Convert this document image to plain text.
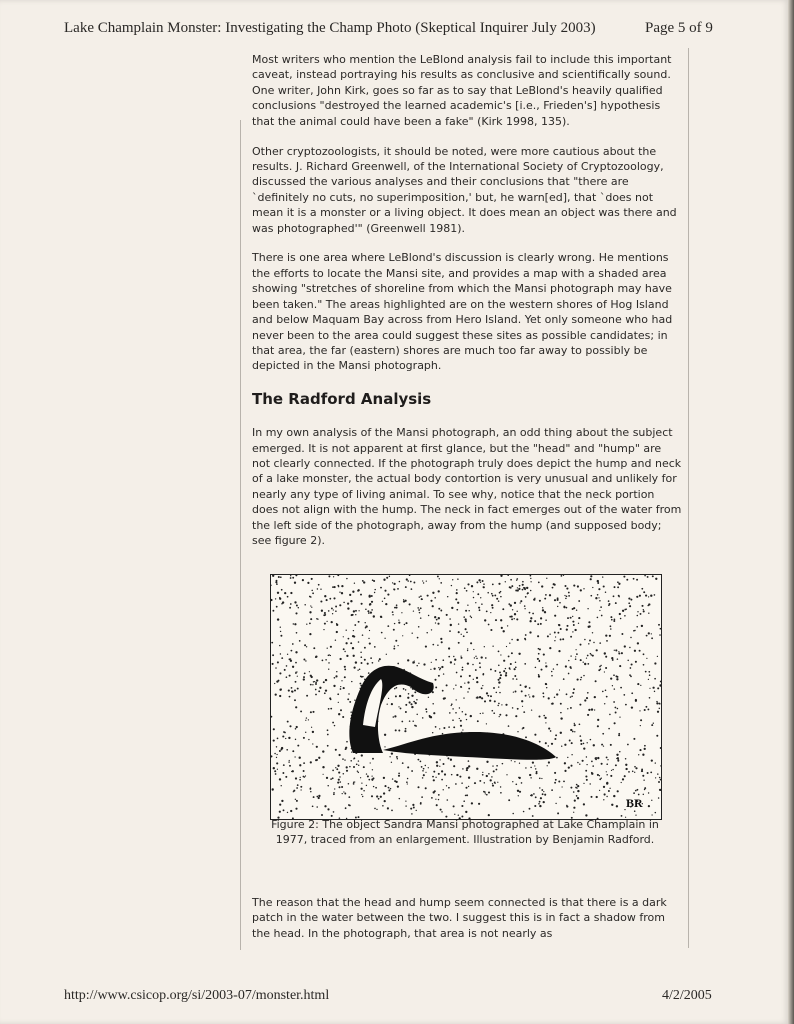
Lake Champlain Monster: Investigating the Champ Photo (Skeptical Inquirer July 2003)	Page 5 of 9

Most writers who mention the LeBlond analysis fail to include this important caveat, instead portraying his results as conclusive and scientifically sound. One writer, John Kirk, goes so far as to say that LeBlond's heavily qualified conclusions "destroyed the learned academic's [i.e., Frieden's] hypothesis that the animal could have been a fake" (Kirk 1998, 135).

Other cryptozoologists, it should be noted, were more cautious about the results. J. Richard Greenwell, of the International Society of Cryptozoology, discussed the various analyses and their conclusions that "there are `definitely no cuts, no superimposition,' but, he warn[ed], that `does not mean it is a monster or a living object. It does mean an object was there and was photographed'" (Greenwell 1981).

There is one area where LeBlond's discussion is clearly wrong. He mentions the efforts to locate the Mansi site, and provides a map with a shaded area showing "stretches of shoreline from which the Mansi photograph may have been taken." The areas highlighted are on the western shores of Hog Island and below Maquam Bay across from Hero Island. Yet only someone who had never been to the area could suggest these sites as possible candidates; in that area, the far (eastern) shores are much too far away to possibly be depicted in the Mansi photograph.

The Radford Analysis

In my own analysis of the Mansi photograph, an odd thing about the subject emerged. It is not apparent at first glance, but the "head" and "hump" are not clearly connected. If the photograph truly does depict the hump and neck of a lake monster, the actual body contortion is very unusual and unlikely for nearly any type of living animal. To see why, notice that the neck portion does not align with the hump. The neck in fact emerges out of the water from the left side of the photograph, away from the hump (and supposed body; see figure 2).

BR
Figure 2: The object Sandra Mansi photographed at Lake Champlain in 1977, traced from an enlargement. Illustration by Benjamin Radford.
The reason that the head and hump seem connected is that there is a dark patch in the water between the two. I suggest this is in fact a shadow from the head. In the photograph, that area is not nearly as
http://www.csicop.org/si/2003-07/monster.html	4/2/2005
